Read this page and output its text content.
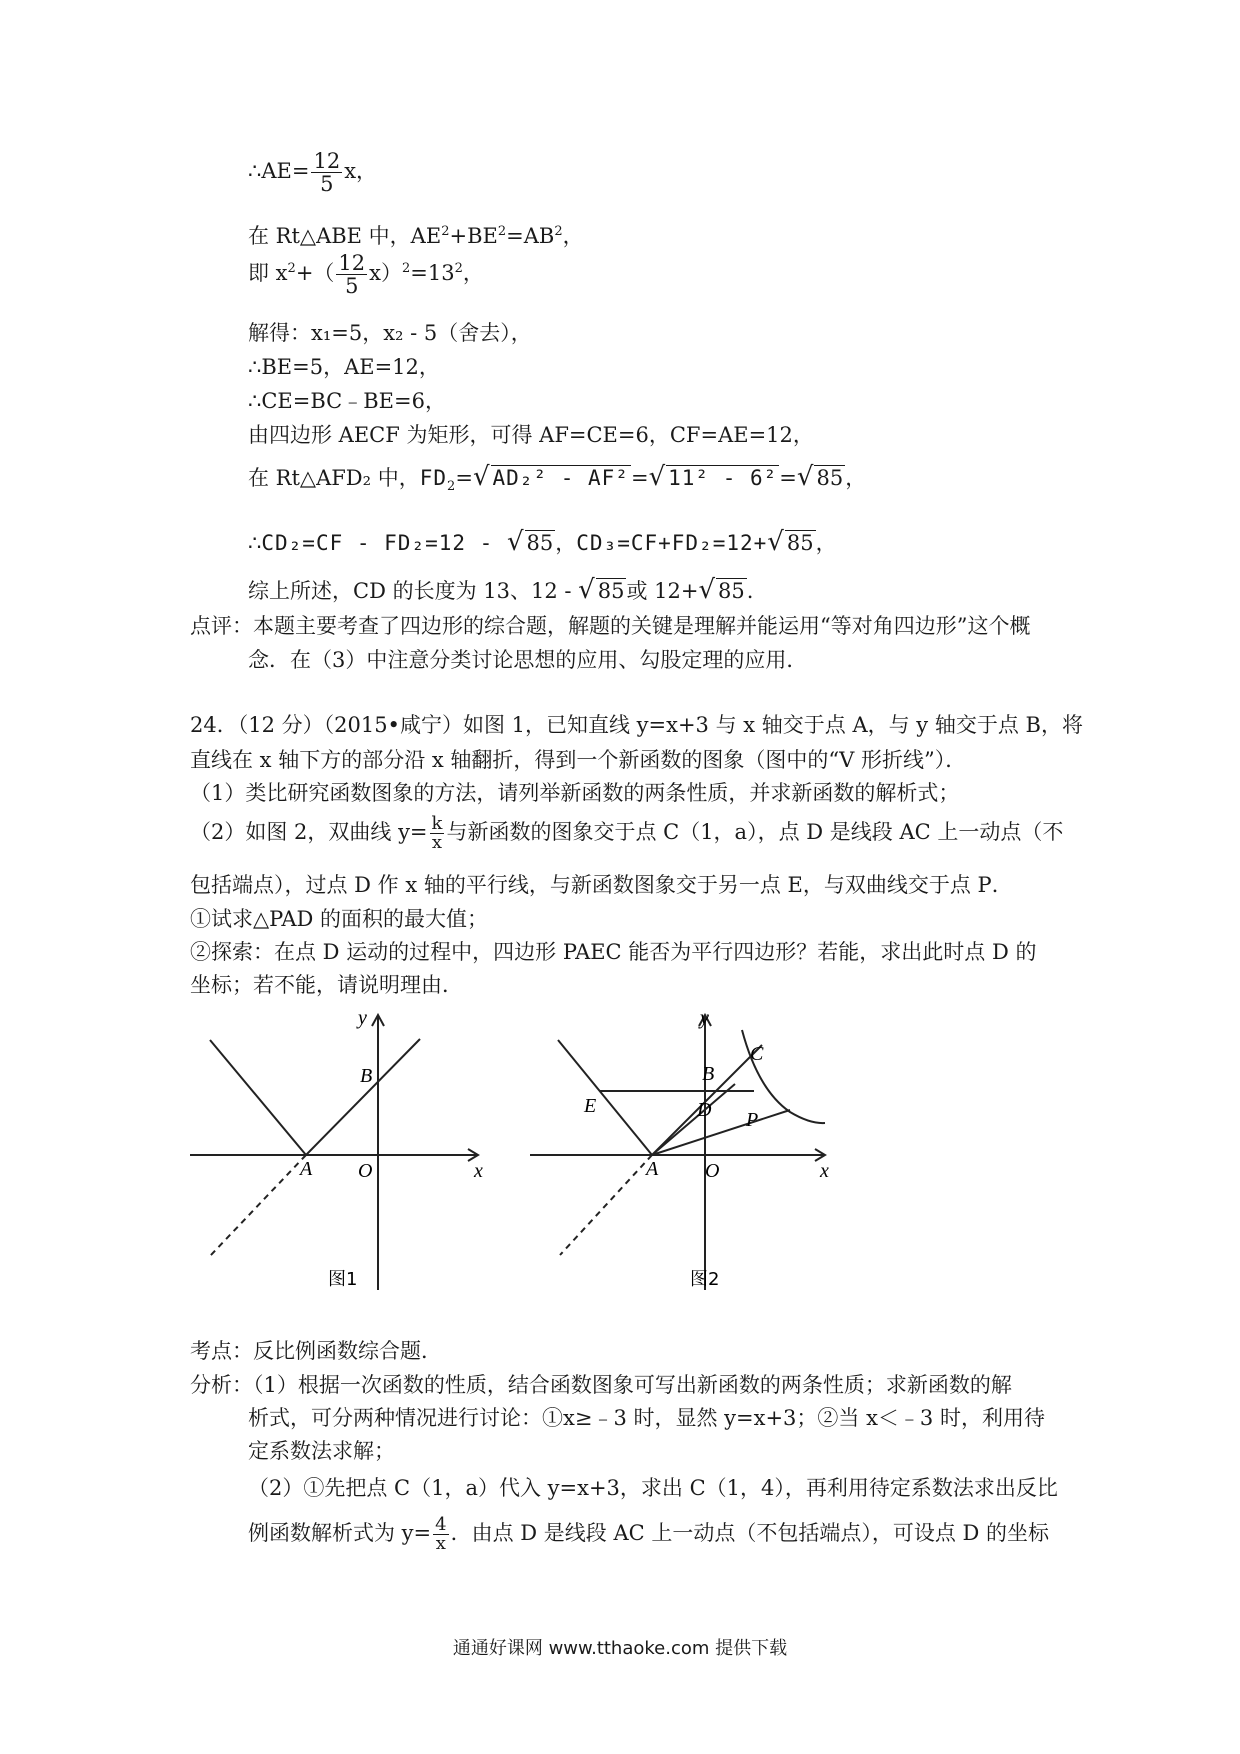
∴AE= $\frac{12}{5}$ x，
在 Rt△ABE 中，$AE^2+BE^2=AB^2$，
即 $x^2+( \frac{12}{5} x)^2=13^2$，
解得：x₁=5，x₂ - 5（舍去），
∴BE=5，AE=12，
∴CE=BC﹣BE=6，
由四边形 AECF 为矩形，可得 AF=CE=6，CF=AE=12，
在 Rt△AFD₂ 中，$FD_2=√$ AD₂² - AF²=√ 11² - 6²=√ 85，
∴CD₂=CF - FD₂=12 - √ 85，CD₃=CF+FD₂=12+√ 85，
综上所述，CD 的长度为 13、12 - √ 85或 12+√ 85.
点评：本题主要考查了四边形的综合题，解题的关键是理解并能运用“等对角四边形”这个概
念．在（3）中注意分类讨论思想的应用、勾股定理的应用．
24．（12 分）（2015•咸宁）如图 1，已知直线 y=x+3 与 x 轴交于点 A，与 y 轴交于点 B，将
直线在 x 轴下方的部分沿 x 轴翻折，得到一个新函数的图象（图中的“V 形折线”）．
（1）类比研究函数图象的方法，请列举新函数的两条性质，并求新函数的解析式；
（2）如图 2，双曲线 $y= \frac{k}{x}$ 与新函数的图象交于点 C（1，a），点 D 是线段 AC 上一动点（不
包括端点），过点 D 作 x 轴的平行线，与新函数图象交于另一点 E，与双曲线交于点 P．
①试求△PAD 的面积的最大值；
②探索：在点 D 运动的过程中，四边形 PAEC 能否为平行四边形？若能，求出此时点 D 的
坐标；若不能，请说明理由．
y
x
O
A
B
图1
y
x
O
A
B
C
D
E
P
图2
考点：反比例函数综合题．
分析：（1）根据一次函数的性质，结合函数图象可写出新函数的两条性质；求新函数的解
析式，可分两种情况进行讨论：①x≥﹣3 时，显然 y=x+3；②当 x＜﹣3 时，利用待
定系数法求解；
（2）①先把点 C（1，a）代入 y=x+3，求出 C（1，4），再利用待定系数法求出反比
例函数解析式为 $y= \frac{4}{x}$ ．由点 D 是线段 AC 上一动点（不包括端点），可设点 D 的坐标
通通好课网 www.tthaoke.com 提供下载
